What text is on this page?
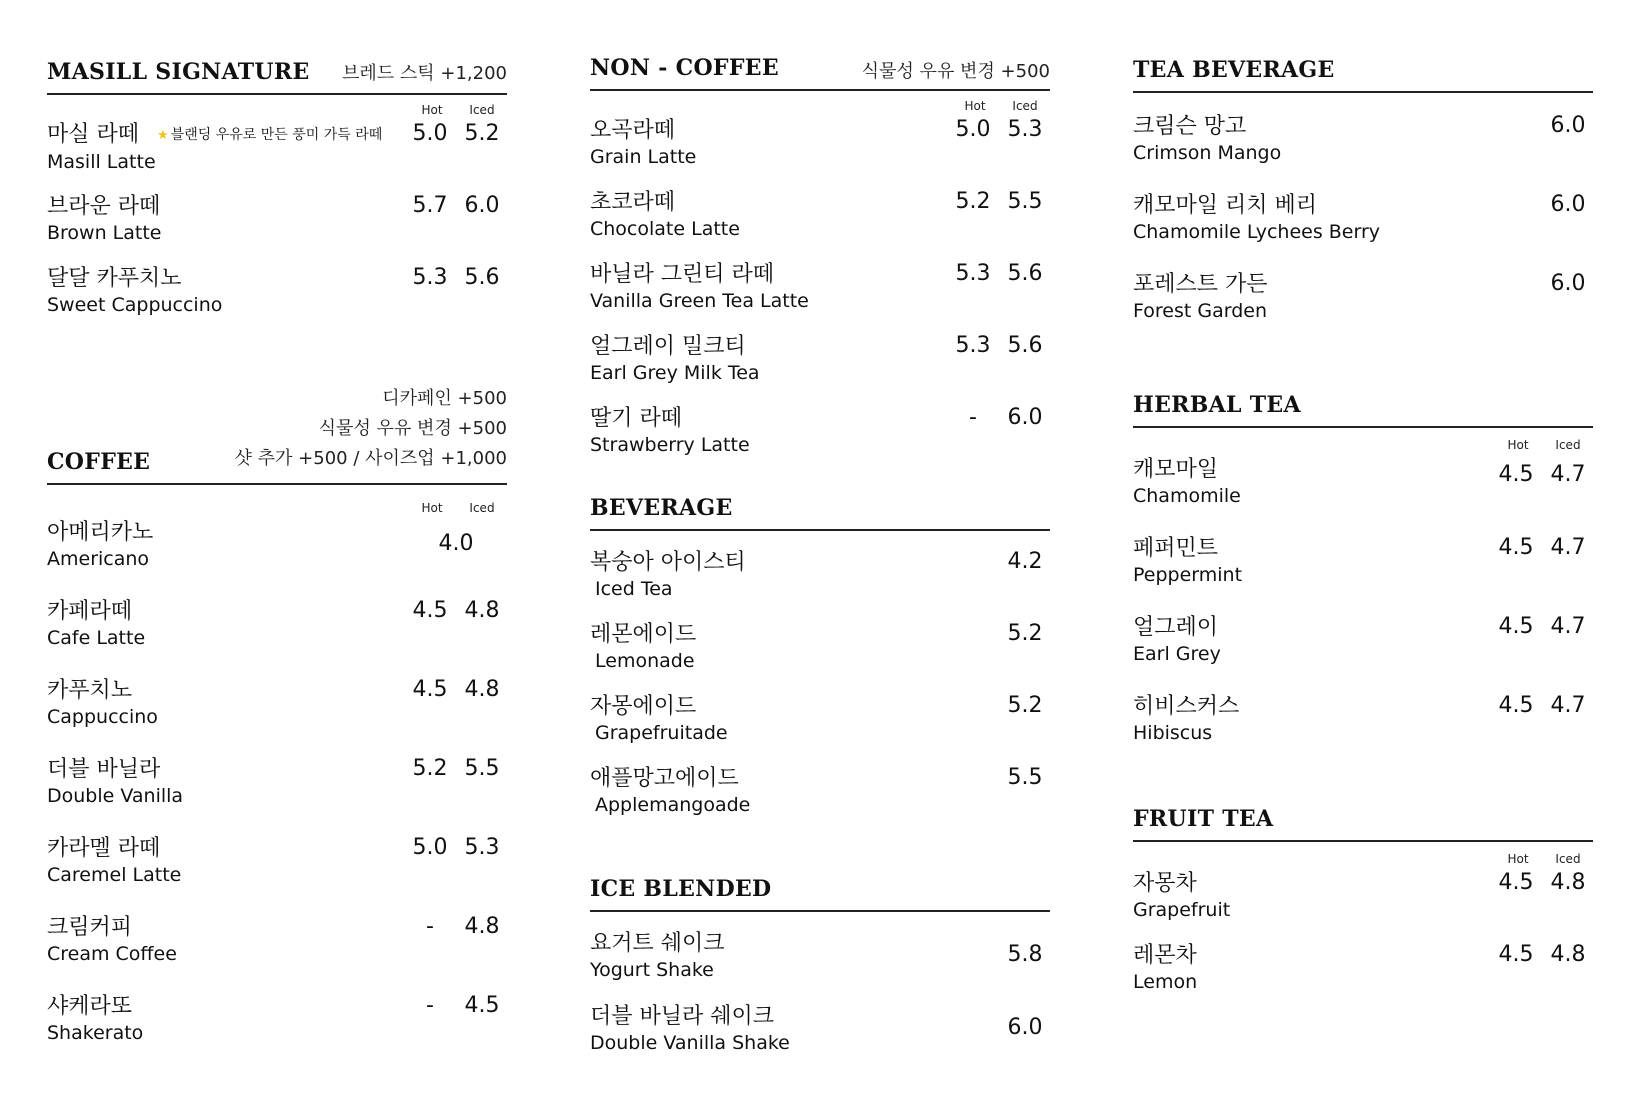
MASILL SIGNATURE 브레드 스틱 +1,200
Hot	Iced
마실 라떼 ★ 블랜딩 우유로 만든 풍미 가득 라떼
Masill Latte
5.0 5.2
브라운 라떼
Brown Latte
5.7 6.0
달달 카푸치노
Sweet Cappuccino
5.3 5.6
COFFEE
디카페인 +500
식물성 우유 변경 +500
샷 추가 +500 / 사이즈업 +1,000
Hot	Iced
아메리카노
Americano
4.0
카페라떼
Cafe Latte
4.5 4.8
카푸치노
Cappuccino
4.5 4.8
더블 바닐라
Double Vanilla
5.2 5.5
카라멜 라떼
Caremel Latte
5.0 5.3
크림커피
Cream Coffee
-	4.8
샤케라또
Shakerato
-	4.5
NON - COFFEE	식물성 우유 변경 +500
Hot	Iced
오곡라떼
Grain Latte
5.0 5.3
초코라떼
Chocolate Latte
5.2 5.5
바닐라 그린티 라떼
Vanilla Green Tea Latte
5.3 5.6
얼그레이 밀크티
Earl Grey Milk Tea
5.3 5.6
딸기 라떼
Strawberry Latte
-	6.0
BEVERAGE
복숭아 아이스티
Iced Tea
4.2
레몬에이드
Lemonade
5.2
자몽에이드
Grapefruitade
5.2
애플망고에이드
Applemangoade
5.5
ICE BLENDED
요거트 쉐이크
Yogurt Shake
5.8
더블 바닐라 쉐이크
Double Vanilla Shake
6.0
TEA BEVERAGE
크림슨 망고
Crimson Mango
6.0
캐모마일 리치 베리
Chamomile Lychees Berry
6.0
포레스트 가든
Forest Garden
6.0
HERBAL TEA
Hot	Iced
캐모마일
Chamomile
4.5 4.7
페퍼민트
Peppermint
4.5 4.7
얼그레이
Earl Grey
4.5 4.7
히비스커스
Hibiscus
4.5 4.7
FRUIT TEA
Hot	Iced
자몽차
Grapefruit
4.5 4.8
레몬차
Lemon
4.5 4.8
